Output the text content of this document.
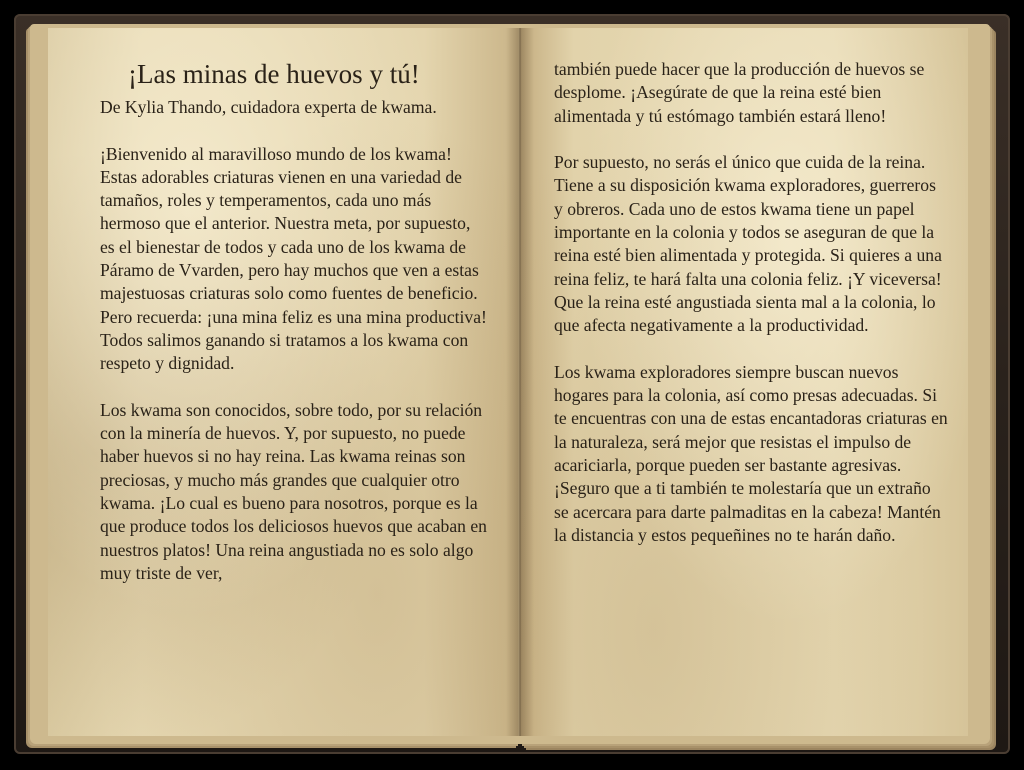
¡Las minas de huevos y tú!

De Kylia Thando, cuidadora experta de kwama.

¡Bienvenido al maravilloso mundo de los kwama! Estas adorables criaturas vienen en una variedad de tamaños, roles y temperamentos, cada uno más hermoso que el anterior. Nuestra meta, por supuesto, es el bienestar de todos y cada uno de los kwama de Páramo de Vvarden, pero hay muchos que ven a estas majestuosas criaturas solo como fuentes de beneficio. Pero recuerda: ¡una mina feliz es una mina productiva! Todos salimos ganando si tratamos a los kwama con respeto y dignidad.

Los kwama son conocidos, sobre todo, por su relación con la minería de huevos. Y, por supuesto, no puede haber huevos si no hay reina. Las kwama reinas son preciosas, y mucho más grandes que cualquier otro kwama. ¡Lo cual es bueno para nosotros, porque es la que produce todos los deliciosos huevos que acaban en nuestros platos! Una reina angustiada no es solo algo muy triste de ver,

también puede hacer que la producción de huevos se desplome. ¡Asegúrate de que la reina esté bien alimentada y tú estómago también estará lleno!

Por supuesto, no serás el único que cuida de la reina. Tiene a su disposición kwama exploradores, guerreros y obreros. Cada uno de estos kwama tiene un papel importante en la colonia y todos se aseguran de que la reina esté bien alimentada y protegida. Si quieres a una reina feliz, te hará falta una colonia feliz. ¡Y viceversa! Que la reina esté angustiada sienta mal a la colonia, lo que afecta negativamente a la productividad.

Los kwama exploradores siempre buscan nuevos hogares para la colonia, así como presas adecuadas. Si te encuentras con una de estas encantadoras criaturas en la naturaleza, será mejor que resistas el impulso de acariciarla, porque pueden ser bastante agresivas. ¡Seguro que a ti también te molestaría que un extraño se acercara para darte palmaditas en la cabeza! Mantén la distancia y estos pequeñines no te harán daño.
